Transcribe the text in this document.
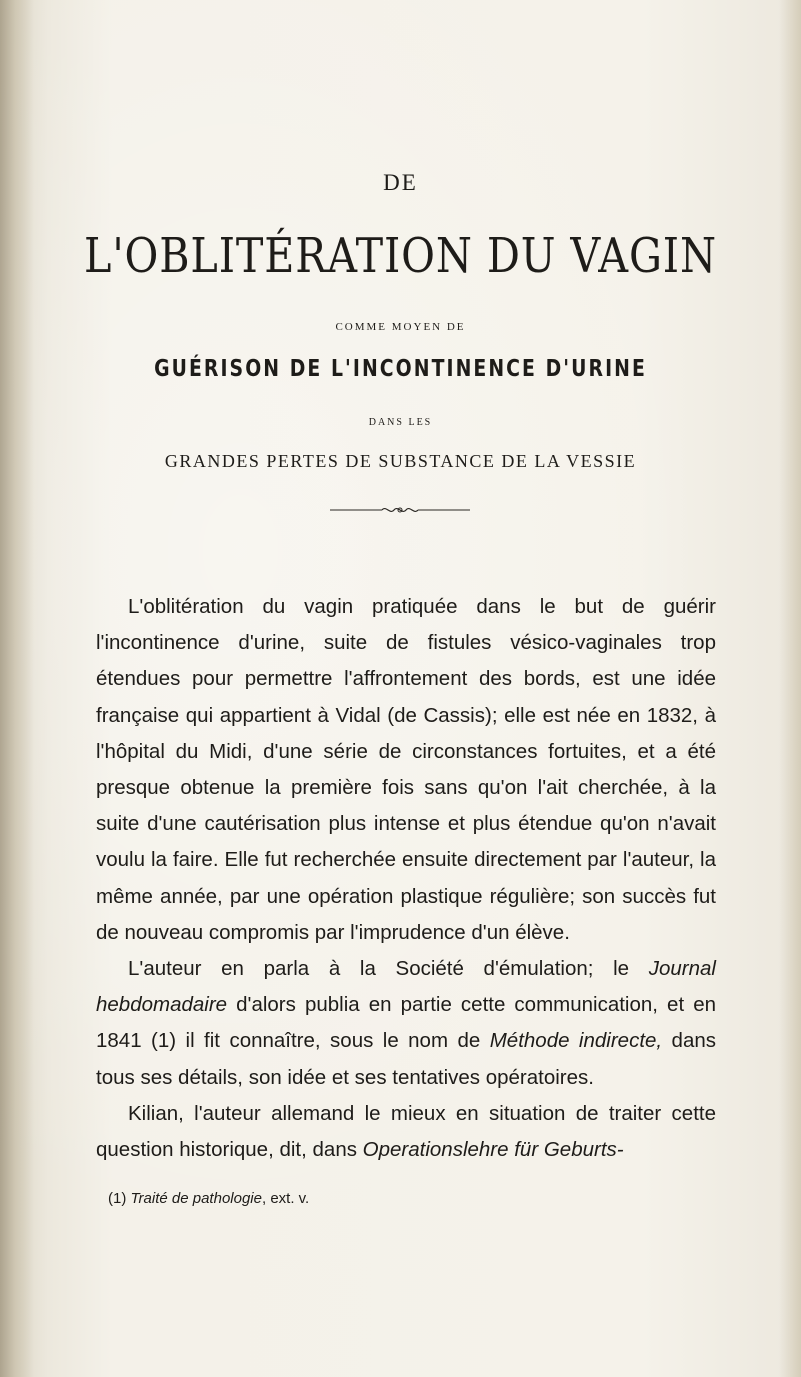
DE
L'OBLITÉRATION DU VAGIN
COMME MOYEN DE
GUÉRISON DE L'INCONTINENCE D'URINE
DANS LES
GRANDES PERTES DE SUBSTANCE DE LA VESSIE

L'oblitération du vagin pratiquée dans le but de guérir l'incontinence d'urine, suite de fistules vésico-vaginales trop étendues pour permettre l'affrontement des bords, est une idée française qui appartient à Vidal (de Cassis); elle est née en 1832, à l'hôpital du Midi, d'une série de circonstances fortuites, et a été presque obtenue la première fois sans qu'on l'ait cherchée, à la suite d'une cautérisation plus intense et plus étendue qu'on n'avait voulu la faire. Elle fut recherchée ensuite directement par l'auteur, la même année, par une opération plastique régulière; son succès fut de nouveau compromis par l'imprudence d'un élève.

L'auteur en parla à la Société d'émulation; le Journal hebdomadaire d'alors publia en partie cette communication, et en 1841 (1) il fit connaître, sous le nom de Méthode indirecte, dans tous ses détails, son idée et ses tentatives opératoires.

Kilian, l'auteur allemand le mieux en situation de traiter cette question historique, dit, dans Operationslehre für Geburts-

(1) Traité de pathologie, ext. v.
